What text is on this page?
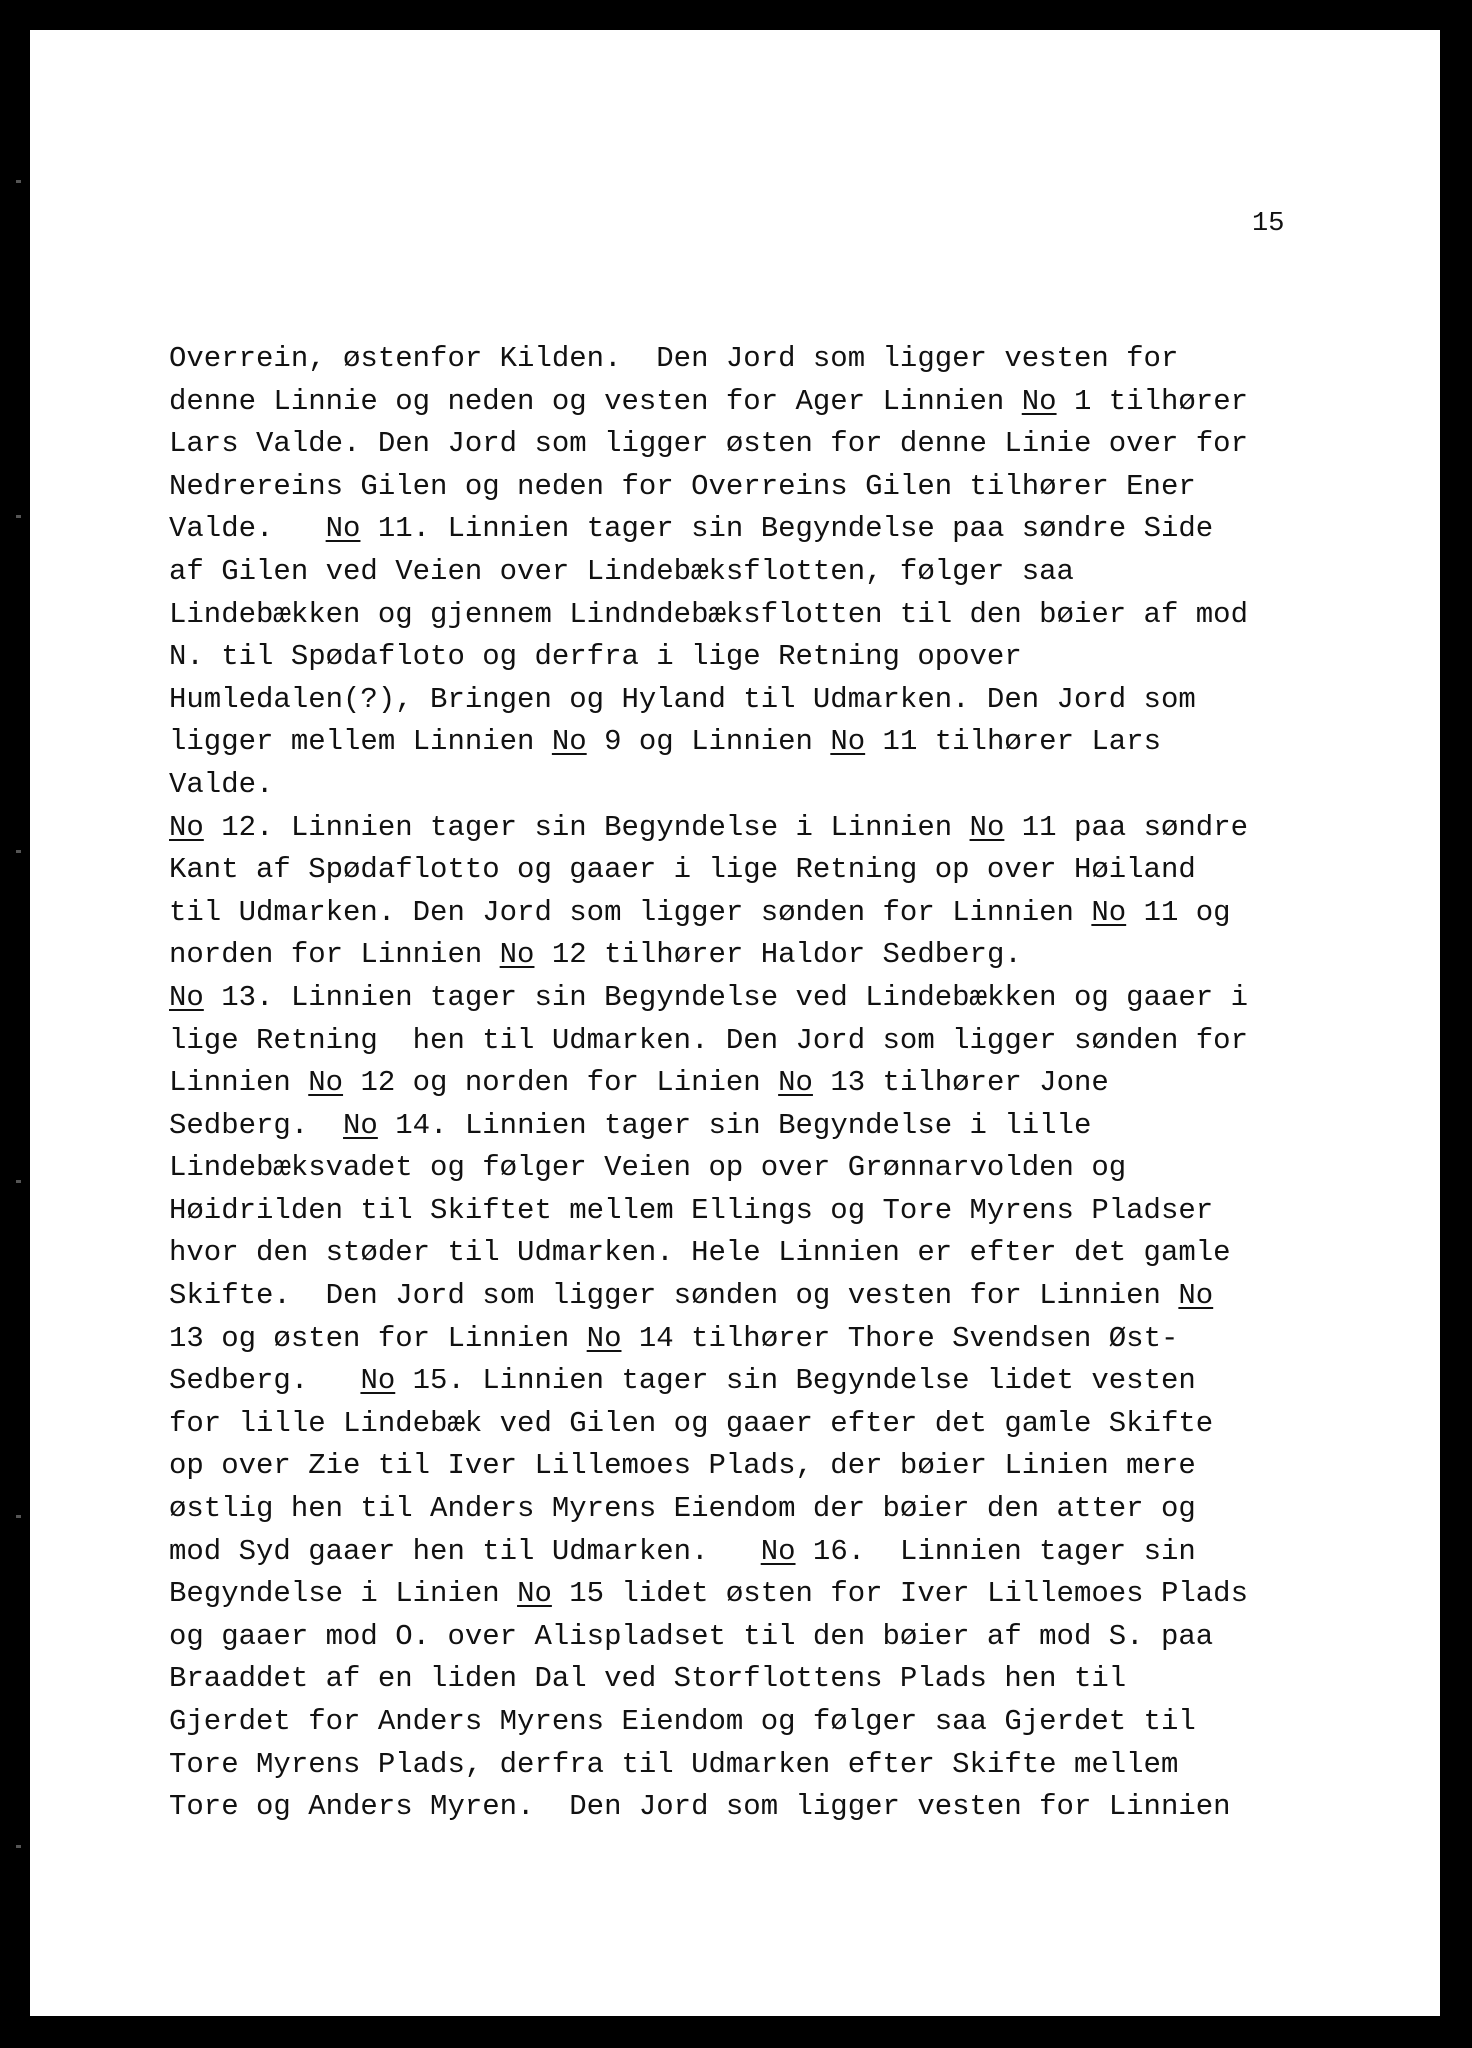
15
Overrein, østenfor Kilden.  Den Jord som ligger vesten for
denne Linnie og neden og vesten for Ager Linnien No 1 tilhører
Lars Valde. Den Jord som ligger østen for denne Linie over for
Nedrereins Gilen og neden for Overreins Gilen tilhører Ener
Valde.   No 11. Linnien tager sin Begyndelse paa søndre Side
af Gilen ved Veien over Lindebæksflotten, følger saa
Lindebækken og gjennem Lindndebæksflotten til den bøier af mod
N. til Spødafloto og derfra i lige Retning opover
Humledalen(?), Bringen og Hyland til Udmarken. Den Jord som
ligger mellem Linnien No 9 og Linnien No 11 tilhører Lars
Valde.
No 12. Linnien tager sin Begyndelse i Linnien No 11 paa søndre
Kant af Spødaflotto og gaaer i lige Retning op over Høiland
til Udmarken. Den Jord som ligger sønden for Linnien No 11 og
norden for Linnien No 12 tilhører Haldor Sedberg.
No 13. Linnien tager sin Begyndelse ved Lindebækken og gaaer i
lige Retning  hen til Udmarken. Den Jord som ligger sønden for
Linnien No 12 og norden for Linien No 13 tilhører Jone
Sedberg.  No 14. Linnien tager sin Begyndelse i lille
Lindebæksvadet og følger Veien op over Grønnarvolden og
Høidrilden til Skiftet mellem Ellings og Tore Myrens Pladser
hvor den støder til Udmarken. Hele Linnien er efter det gamle
Skifte.  Den Jord som ligger sønden og vesten for Linnien No
13 og østen for Linnien No 14 tilhører Thore Svendsen Øst-
Sedberg.   No 15. Linnien tager sin Begyndelse lidet vesten
for lille Lindebæk ved Gilen og gaaer efter det gamle Skifte
op over Zie til Iver Lillemoes Plads, der bøier Linien mere
østlig hen til Anders Myrens Eiendom der bøier den atter og
mod Syd gaaer hen til Udmarken.   No 16.  Linnien tager sin
Begyndelse i Linien No 15 lidet østen for Iver Lillemoes Plads
og gaaer mod O. over Alispladset til den bøier af mod S. paa
Braaddet af en liden Dal ved Storflottens Plads hen til
Gjerdet for Anders Myrens Eiendom og følger saa Gjerdet til
Tore Myrens Plads, derfra til Udmarken efter Skifte mellem
Tore og Anders Myren.  Den Jord som ligger vesten for Linnien
